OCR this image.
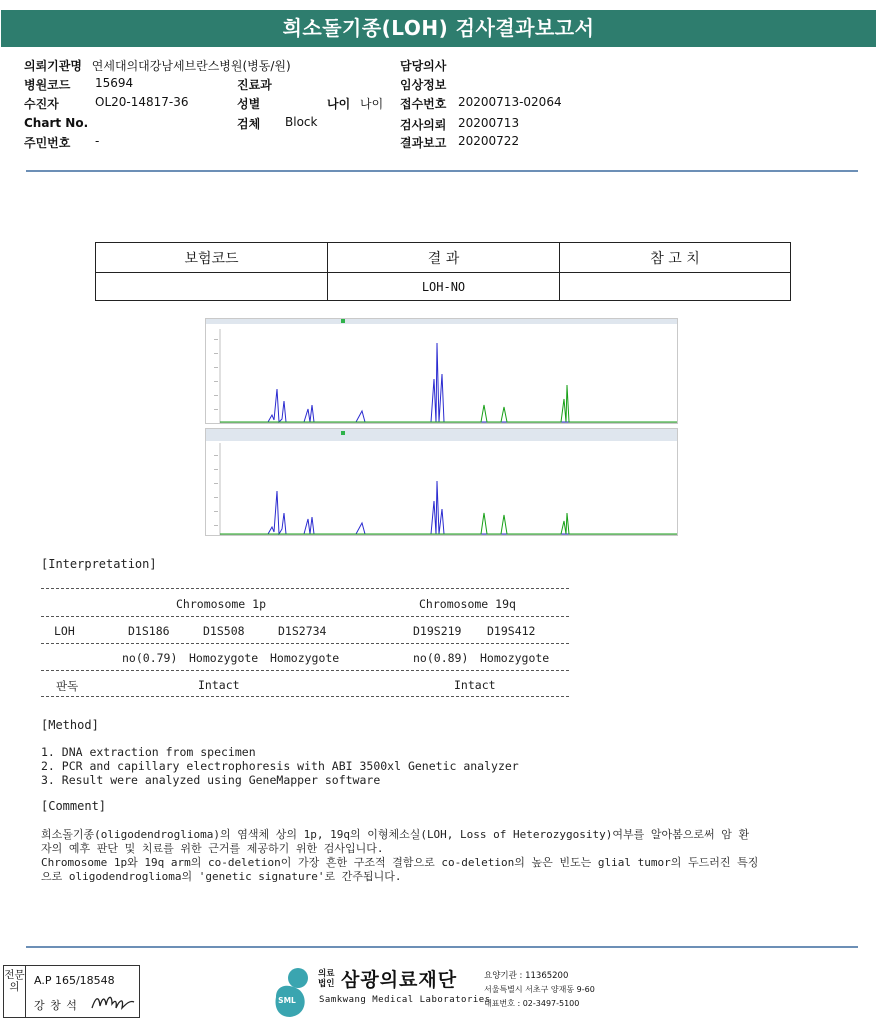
희소돌기종(LOH) 검사결과보고서
의뢰기관명 연세대의대강남세브란스병원(병동/원)
병원코드 15694
수진자	OL20-14817-36
Chart No.
주민번호 -
진료과
성별	나이 나이
검체 Block
담당의사
임상정보
접수번호 20200713-02064
검사의뢰 20200713
결과보고 20200722
보험코드	결 과	참 고 치
	LOH-NO	
[Interpretation]
Chromosome 1p	Chromosome 19q
LOH	D1S186	D1S508	D1S2734	D19S219 D19S412
no(0.79) Homozygote Homozygote	no(0.89) Homozygote
판독	Intact	Intact
[Method]
1. DNA extraction from specimen
2. PCR and capillary electrophoresis with ABI 3500xl Genetic analyzer
3. Result were analyzed using GeneMapper software
[Comment]
희소돌기종(oligodendroglioma)의 염색체 상의 1p, 19q의 이형체소실(LOH, Loss of Heterozygosity)여부를 알아봄으로써 암 환
자의 예후 판단 및 치료를 위한 근거를 제공하기 위한 검사입니다.
Chromosome 1p와 19q arm의 co-deletion이 가장 흔한 구조적 결함으로 co-deletion의 높은 빈도는 glial tumor의 두드러진 특징
으로 oligodendroglioma의 'genetic signature'로 간주됩니다.
전문의	A.P 165/18548
강 창 석	SML
의료 법인 삼광의료재단
Samkwang Medical Laboratories
요양기관 : 11365200
서울특별시 서초구 양재동 9-60
대표번호 : 02-3497-5100
